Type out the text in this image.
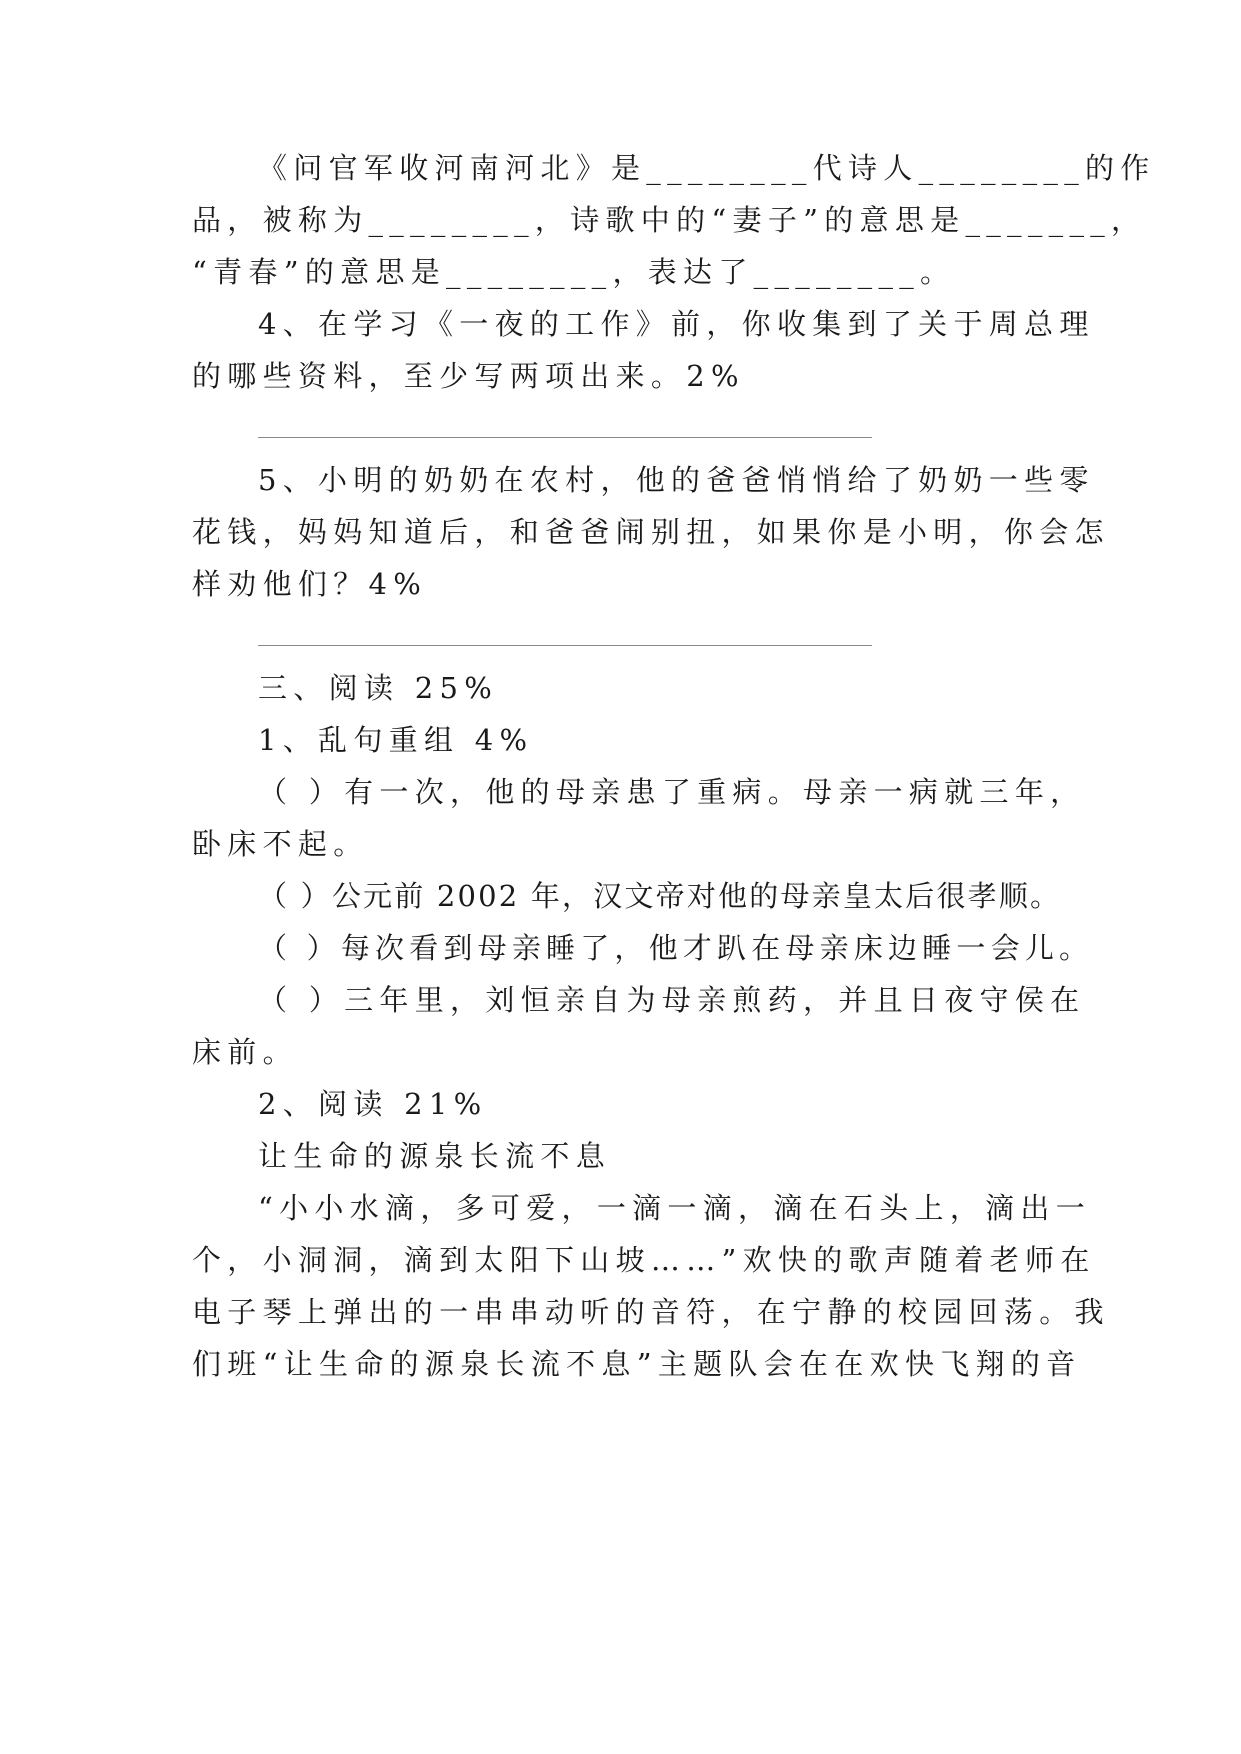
《问官军收河南河北》是________代诗人________的作
品，被称为________，诗歌中的“妻子”的意思是_______，
“青春”的意思是________，表达了________。
4、在学习《一夜的工作》前，你收集到了关于周总理
的哪些资料，至少写两项出来。2%
5、小明的奶奶在农村，他的爸爸悄悄给了奶奶一些零
花钱，妈妈知道后，和爸爸闹别扭，如果你是小明，你会怎
样劝他们？4%
三、阅读 25%
1、乱句重组 4%
（ ）有一次，他的母亲患了重病。母亲一病就三年，
卧床不起。
（ ）公元前 2002 年，汉文帝对他的母亲皇太后很孝顺。
（ ）每次看到母亲睡了，他才趴在母亲床边睡一会儿。
（ ）三年里，刘恒亲自为母亲煎药，并且日夜守侯在
床前。
2、阅读 21%
让生命的源泉长流不息
“小小水滴，多可爱，一滴一滴，滴在石头上，滴出一
个，小洞洞，滴到太阳下山坡……”欢快的歌声随着老师在
电子琴上弹出的一串串动听的音符，在宁静的校园回荡。我
们班“让生命的源泉长流不息”主题队会在在欢快飞翔的音
